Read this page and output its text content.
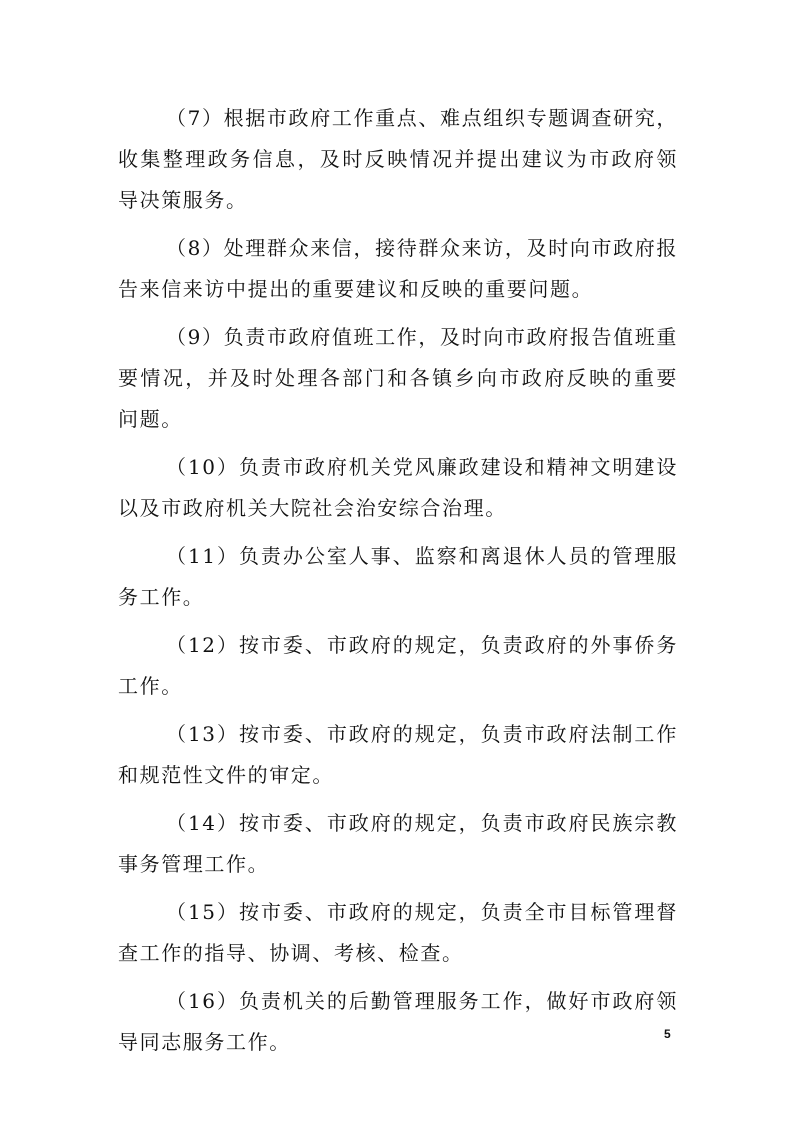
（7）根据市政府工作重点、难点组织专题调查研究，收集整理政务信息，及时反映情况并提出建议为市政府领导决策服务。

（8）处理群众来信，接待群众来访，及时向市政府报告来信来访中提出的重要建议和反映的重要问题。

（9）负责市政府值班工作，及时向市政府报告值班重要情况，并及时处理各部门和各镇乡向市政府反映的重要问题。

（10）负责市政府机关党风廉政建设和精神文明建设以及市政府机关大院社会治安综合治理。

（11）负责办公室人事、监察和离退休人员的管理服务工作。

（12）按市委、市政府的规定，负责政府的外事侨务工作。

（13）按市委、市政府的规定，负责市政府法制工作和规范性文件的审定。

（14）按市委、市政府的规定，负责市政府民族宗教事务管理工作。

（15）按市委、市政府的规定，负责全市目标管理督查工作的指导、协调、考核、检查。

（16）负责机关的后勤管理服务工作，做好市政府领导同志服务工作。	5
